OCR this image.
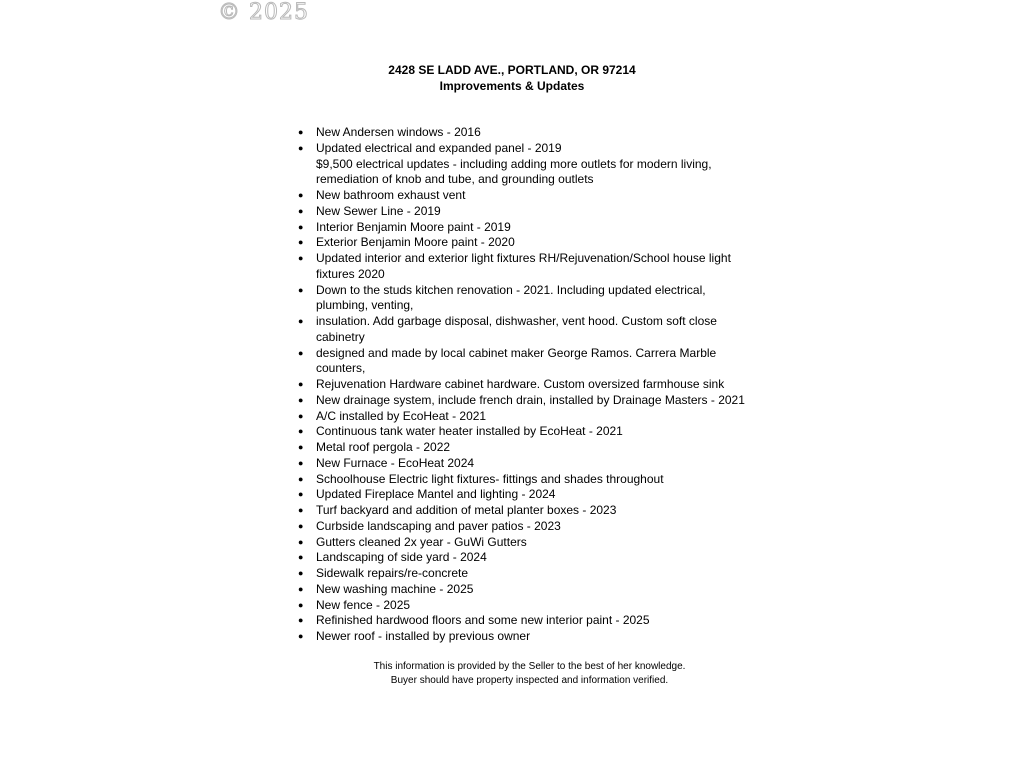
© 2025
2428 SE LADD AVE., PORTLAND, OR 97214
Improvements & Updates
● New Andersen windows - 2016
● Updated electrical and expanded panel - 2019
$9,500 electrical updates - including adding more outlets for modern living, remediation of knob and tube, and grounding outlets
● New bathroom exhaust vent
● New Sewer Line - 2019
● Interior Benjamin Moore paint - 2019
● Exterior Benjamin Moore paint - 2020
● Updated interior and exterior light fixtures RH/Rejuvenation/School house light fixtures 2020
● Down to the studs kitchen renovation - 2021. Including updated electrical, plumbing, venting,
● insulation. Add garbage disposal, dishwasher, vent hood. Custom soft close cabinetry
● designed and made by local cabinet maker George Ramos. Carrera Marble counters,
● Rejuvenation Hardware cabinet hardware. Custom oversized farmhouse sink
● New drainage system, include french drain, installed by Drainage Masters - 2021
● A/C installed by EcoHeat - 2021
● Continuous tank water heater installed by EcoHeat - 2021
● Metal roof pergola - 2022
● New Furnace - EcoHeat 2024
● Schoolhouse Electric light fixtures- fittings and shades throughout
● Updated Fireplace Mantel and lighting - 2024
● Turf backyard and addition of metal planter boxes - 2023
● Curbside landscaping and paver patios - 2023
● Gutters cleaned 2x year - GuWi Gutters
● Landscaping of side yard - 2024
● Sidewalk repairs/re-concrete
● New washing machine - 2025
● New fence - 2025
● Refinished hardwood floors and some new interior paint - 2025
● Newer roof - installed by previous owner
This information is provided by the Seller to the best of her knowledge.
Buyer should have property inspected and information verified.
